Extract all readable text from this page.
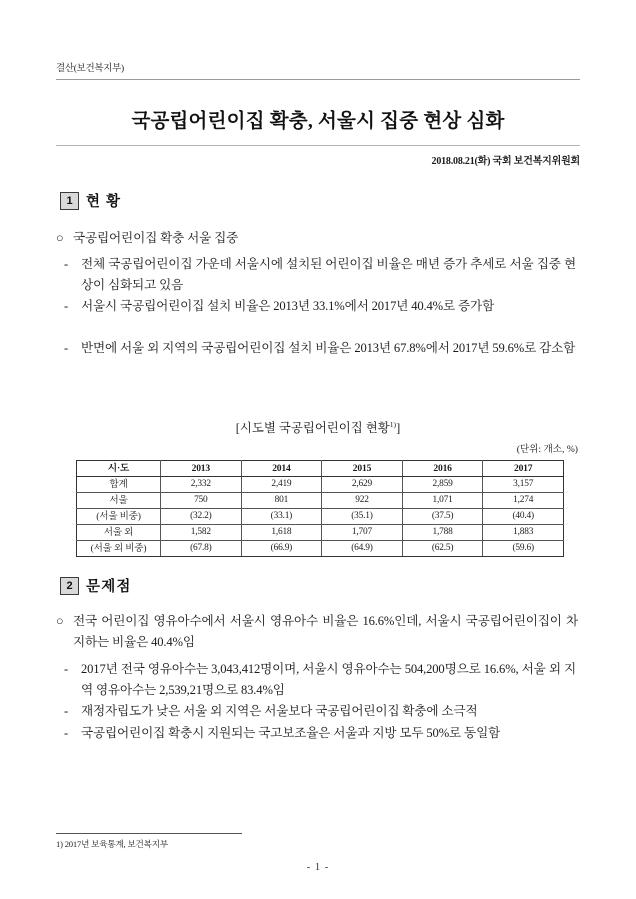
결산(보건복지부)
국공립어린이집 확충, 서울시 집중 현상 심화
2018.08.21(화) 국회 보건복지위원회
1 현 황
○ 국공립어린이집 확충 서울 집중
- 전체 국공립어린이집 가운데 서울시에 설치된 어린이집 비율은 매년 증가 추세로 서울 집중 현상이 심화되고 있음
- 서울시 국공립어린이집 설치 비율은 2013년 33.1%에서 2017년 40.4%로 증가함
- 반면에 서울 외 지역의 국공립어린이집 설치 비율은 2013년 67.8%에서 2017년 59.6%로 감소함
[시도별 국공립어린이집 현황$^{1)}$]
(단위: 개소, %)
시·도	2013	2014	2015	2016	2017
합계	2,332	2,419	2,629	2,859	3,157
서울	750	801	922	1,071	1,274
(서울 비중)	(32.2)	(33.1)	(35.1)	(37.5)	(40.4)
서울 외	1,582	1,618	1,707	1,788	1,883
(서울 외 비중)	(67.8)	(66.9)	(64.9)	(62.5)	(59.6)
2 문제점
○ 전국 어린이집 영유아수에서 서울시 영유아수 비율은 16.6%인데, 서울시 국공립어린이집이 차지하는 비율은 40.4%임
- 2017년 전국 영유아수는 3,043,412명이며, 서울시 영유아수는 504,200명으로 16.6%, 서울 외 지역 영유아수는 2,539,21명으로 83.4%임
- 재정자립도가 낮은 서울 외 지역은 서울보다 국공립어린이집 확충에 소극적
- 국공립어린이집 확충시 지원되는 국고보조율은 서울과 지방 모두 50%로 동일함
1) 2017년 보육통계, 보건복지부
- 1 -
